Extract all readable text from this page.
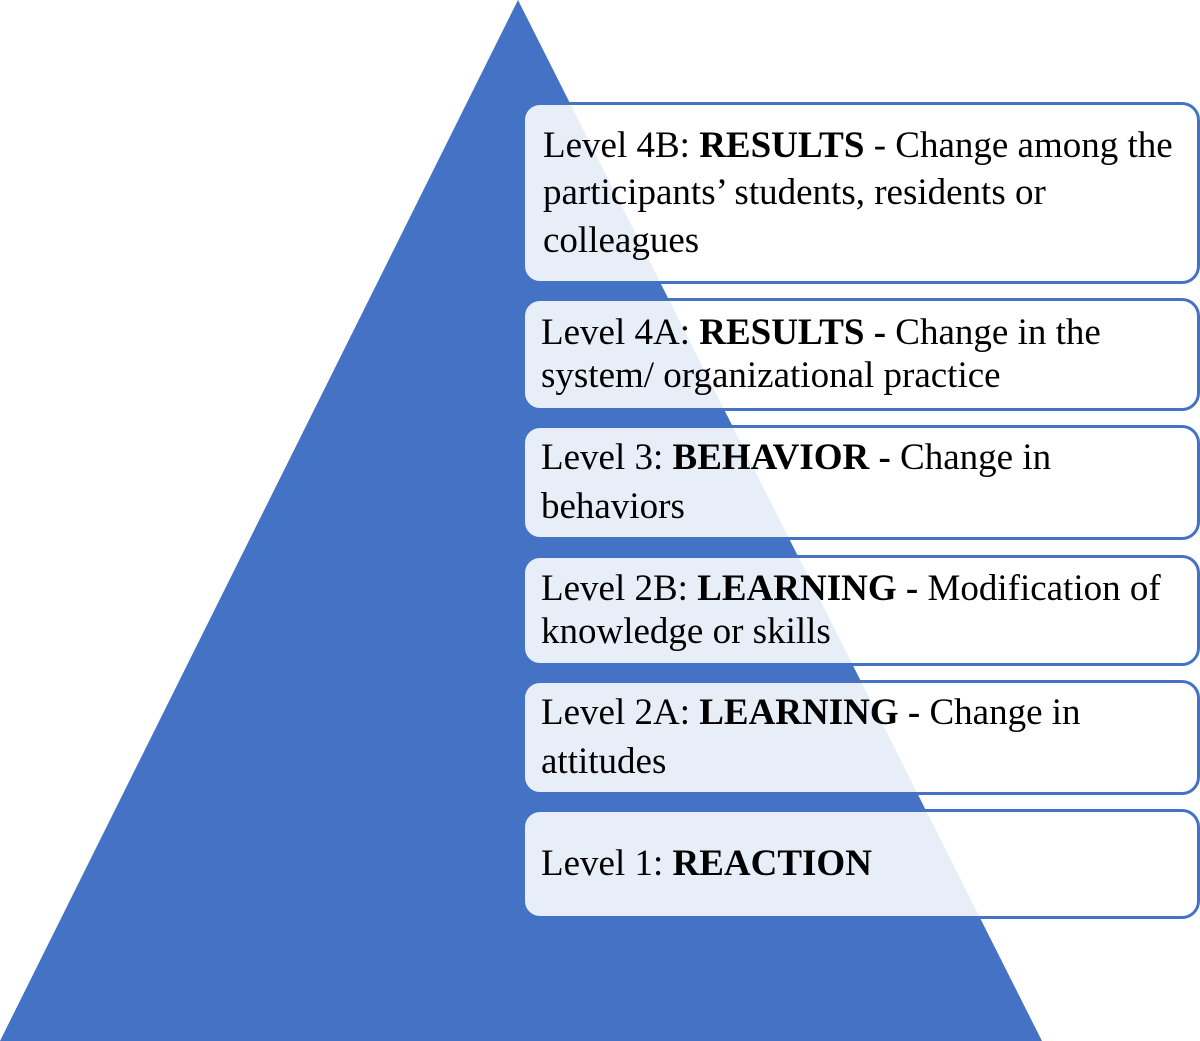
Level 4B: RESULTS - Change among the participants’ students, residents or colleagues
Level 4A: RESULTS - Change in the system/ organizational practice
Level 3: BEHAVIOR - Change in behaviors
Level 2B: LEARNING - Modification of knowledge or skills
Level 2A: LEARNING - Change in attitudes
Level 1: REACTION
